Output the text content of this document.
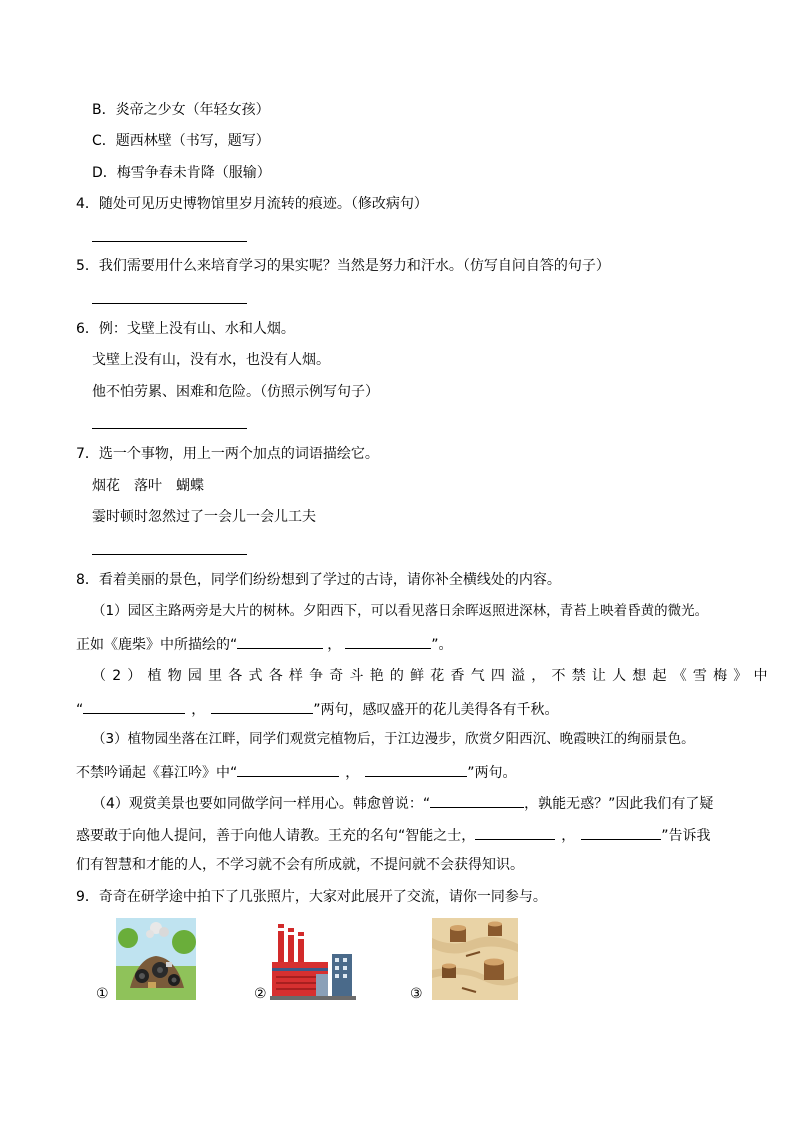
B．炎帝之少女（年轻女孩）
C．题西林壁（书写，题写）
D．梅雪争春未肯降（服输）
4．随处可见历史博物馆里岁月流转的痕迹。（修改病句）
5．我们需要用什么来培育学习的果实呢？当然是努力和汗水。（仿写自问自答的句子）
6．例：戈壁上没有山、水和人烟。
戈壁上没有山，没有水，也没有人烟。
他不怕劳累、困难和危险。（仿照示例写句子）
7．选一个事物，用上一两个加点的词语描绘它。
烟花　落叶　蝴蝶
霎时顿时忽然过了一会儿一会儿工夫
8．看着美丽的景色，同学们纷纷想到了学过的古诗，请你补全横线处的内容。
（1）园区主路两旁是大片的树林。夕阳西下，可以看见落日余晖返照进深林，青苔上映着昏黄的微光。
正如《鹿柴》中所描绘的“	，	”。
（2）植物园里各式各样争奇斗艳的鲜花香气四溢，不禁让人想起《雪梅》中
“	，	”两句，感叹盛开的花儿美得各有千秋。
（3）植物园坐落在江畔，同学们观赏完植物后，于江边漫步，欣赏夕阳西沉、晚霞映江的绚丽景色。
不禁吟诵起《暮江吟》中“	，	”两句。
（4）观赏美景也要如同做学问一样用心。韩愈曾说：“	，孰能无惑？”因此我们有了疑
惑要敢于向他人提问，善于向他人请教。王充的名句“智能之士，	，	”告诉我
们有智慧和才能的人，不学习就不会有所成就，不提问就不会获得知识。
9．奇奇在研学途中拍下了几张照片，大家对此展开了交流，请你一同参与。
①	②	③
